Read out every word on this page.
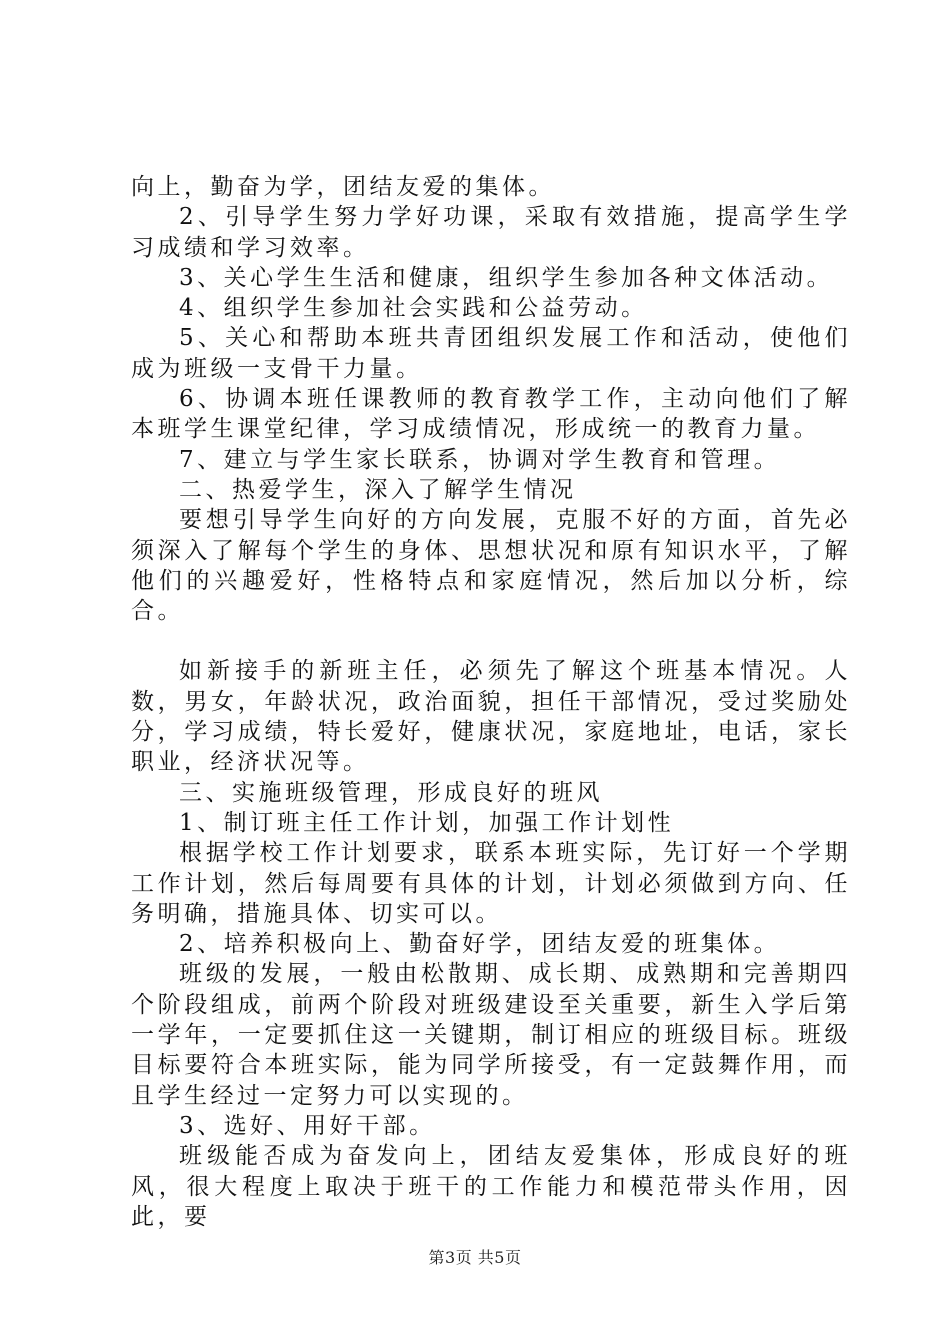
向上，勤奋为学，团结友爱的集体。

2、引导学生努力学好功课，采取有效措施，提高学生学习成绩和学习效率。

3、关心学生生活和健康，组织学生参加各种文体活动。

4、组织学生参加社会实践和公益劳动。

5、关心和帮助本班共青团组织发展工作和活动，使他们成为班级一支骨干力量。

6、协调本班任课教师的教育教学工作，主动向他们了解本班学生课堂纪律，学习成绩情况，形成统一的教育力量。

7、建立与学生家长联系，协调对学生教育和管理。

二、热爱学生，深入了解学生情况

要想引导学生向好的方向发展，克服不好的方面，首先必须深入了解每个学生的身体、思想状况和原有知识水平，了解他们的兴趣爱好，性格特点和家庭情况，然后加以分析，综合。

如新接手的新班主任，必须先了解这个班基本情况。人数，男女，年龄状况，政治面貌，担任干部情况，受过奖励处分，学习成绩，特长爱好，健康状况，家庭地址，电话，家长职业，经济状况等。

三、实施班级管理，形成良好的班风

1、制订班主任工作计划，加强工作计划性

根据学校工作计划要求，联系本班实际，先订好一个学期工作计划，然后每周要有具体的计划，计划必须做到方向、任务明确，措施具体、切实可以。

2、培养积极向上、勤奋好学，团结友爱的班集体。

班级的发展，一般由松散期、成长期、成熟期和完善期四个阶段组成，前两个阶段对班级建设至关重要，新生入学后第一学年，一定要抓住这一关键期，制订相应的班级目标。班级目标要符合本班实际，能为同学所接受，有一定鼓舞作用，而且学生经过一定努力可以实现的。

3、选好、用好干部。

班级能否成为奋发向上，团结友爱集体，形成良好的班风，很大程度上取决于班干的工作能力和模范带头作用，因此，要

第3页 共5页
